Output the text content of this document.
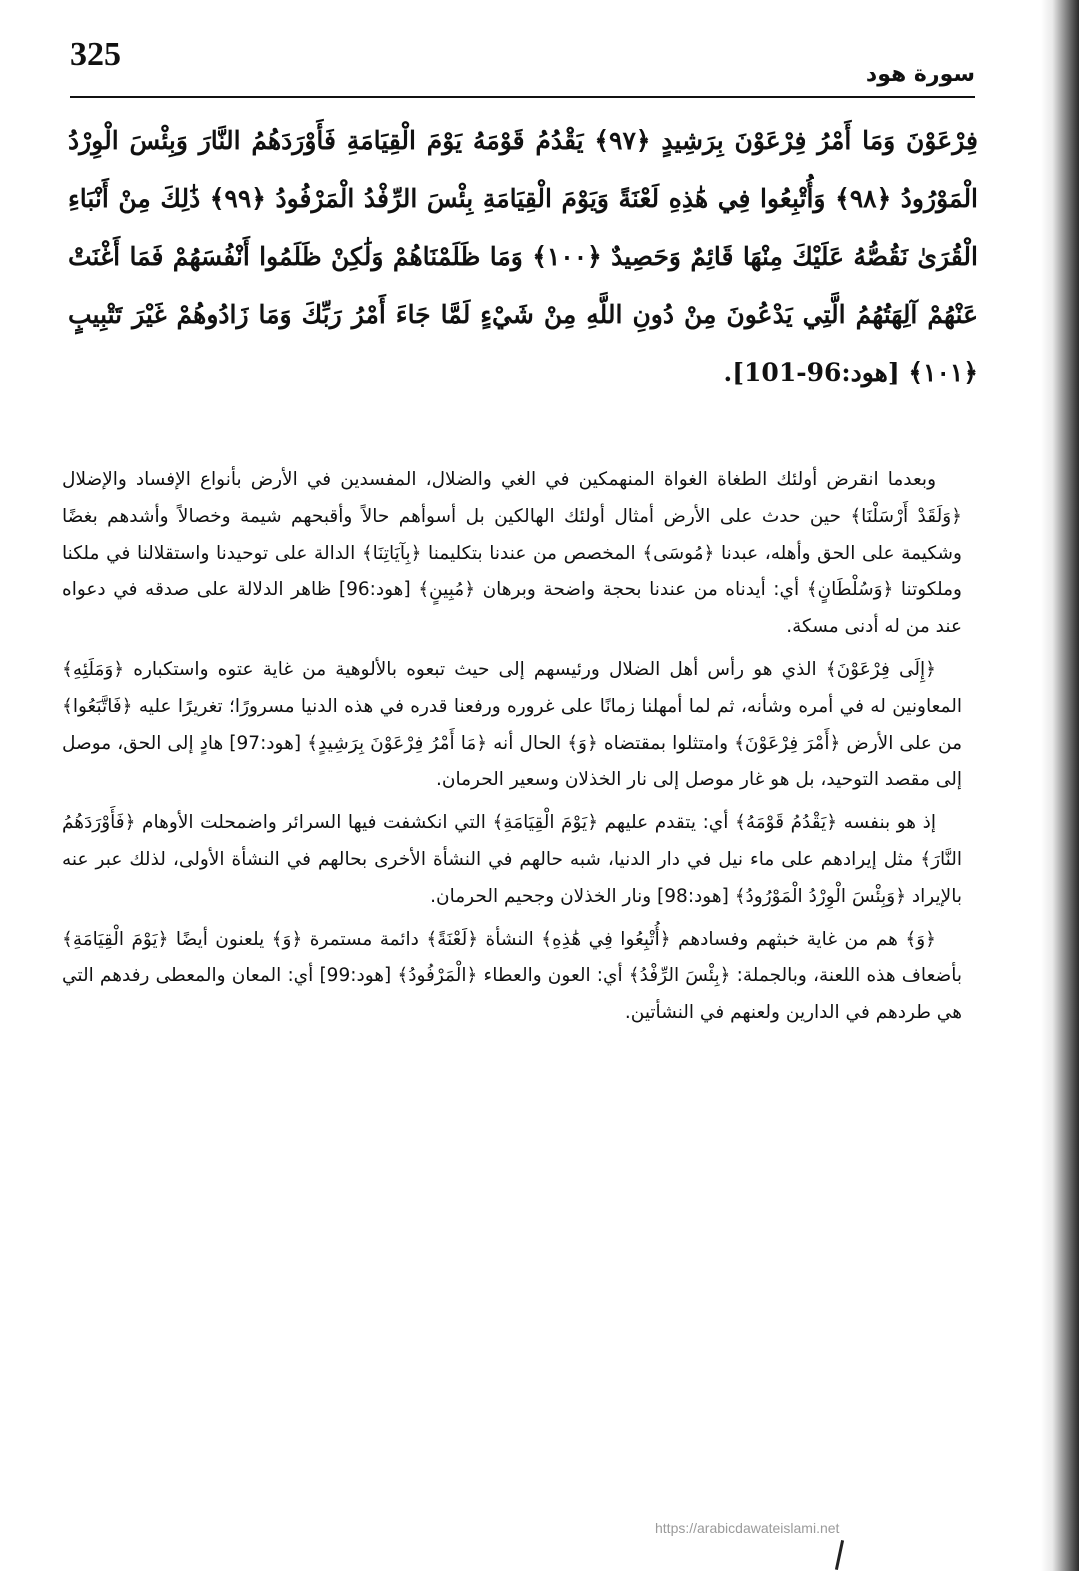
325
سورة هود
فِرْعَوْنَ وَمَا أَمْرُ فِرْعَوْنَ بِرَشِيدٍ ﴿٩٧﴾ يَقْدُمُ قَوْمَهُ يَوْمَ الْقِيَامَةِ فَأَوْرَدَهُمُ النَّارَ وَبِئْسَ الْوِرْدُ الْمَوْرُودُ ﴿٩٨﴾ وَأُتْبِعُوا فِي هَٰذِهِ لَعْنَةً وَيَوْمَ الْقِيَامَةِ بِئْسَ الرِّفْدُ الْمَرْفُودُ ﴿٩٩﴾ ذَٰلِكَ مِنْ أَنْبَاءِ الْقُرَىٰ نَقُصُّهُ عَلَيْكَ مِنْهَا قَائِمٌ وَحَصِيدٌ ﴿١٠٠﴾ وَمَا ظَلَمْنَاهُمْ وَلَٰكِنْ ظَلَمُوا أَنْفُسَهُمْ فَمَا أَغْنَتْ عَنْهُمْ آلِهَتُهُمُ الَّتِي يَدْعُونَ مِنْ دُونِ اللَّهِ مِنْ شَيْءٍ لَمَّا جَاءَ أَمْرُ رَبِّكَ وَمَا زَادُوهُمْ غَيْرَ تَتْبِيبٍ ﴿١٠١﴾ [هود:96-101].

وبعدما انقرض أولئك الطغاة الغواة المنهمكين في الغي والضلال، المفسدين في الأرض بأنواع الإفساد والإضلال ﴿وَلَقَدْ أَرْسَلْنَا﴾ حين حدث على الأرض أمثال أولئك الهالكين بل أسوأهم حالاً وأقبحهم شيمة وخصالاً وأشدهم بغضًا وشكيمة على الحق وأهله، عبدنا ﴿مُوسَى﴾ المخصص من عندنا بتكليمنا ﴿بِآيَاتِنَا﴾ الدالة على توحيدنا واستقلالنا في ملكنا وملكوتنا ﴿وَسُلْطَانٍ﴾ أي: أيدناه من عندنا بحجة واضحة وبرهان ﴿مُبِينٍ﴾ [هود:96] ظاهر الدلالة على صدقه في دعواه عند من له أدنى مسكة.

﴿إِلَى فِرْعَوْنَ﴾ الذي هو رأس أهل الضلال ورئيسهم إلى حيث تبعوه بالألوهية من غاية عتوه واستكباره ﴿وَمَلَئِهِ﴾ المعاونين له في أمره وشأنه، ثم لما أمهلنا زمانًا على غروره ورفعنا قدره في هذه الدنيا مسرورًا؛ تغريرًا عليه ﴿فَاتَّبَعُوا﴾ من على الأرض ﴿أَمْرَ فِرْعَوْنَ﴾ وامتثلوا بمقتضاه ﴿وَ﴾ الحال أنه ﴿مَا أَمْرُ فِرْعَوْنَ بِرَشِيدٍ﴾ [هود:97] هادٍ إلى الحق، موصل إلى مقصد التوحيد، بل هو غار موصل إلى نار الخذلان وسعير الحرمان.

إذ هو بنفسه ﴿يَقْدُمُ قَوْمَهُ﴾ أي: يتقدم عليهم ﴿يَوْمَ الْقِيَامَةِ﴾ التي انكشفت فيها السرائر واضمحلت الأوهام ﴿فَأَوْرَدَهُمُ النَّارَ﴾ مثل إيرادهم على ماء نيل في دار الدنيا، شبه حالهم في النشأة الأخرى بحالهم في النشأة الأولى، لذلك عبر عنه بالإيراد ﴿وَبِئْسَ الْوِرْدُ الْمَوْرُودُ﴾ [هود:98] ونار الخذلان وجحيم الحرمان.

﴿وَ﴾ هم من غاية خبثهم وفسادهم ﴿أُتْبِعُوا فِي هَٰذِهِ﴾ النشأة ﴿لَعْنَةً﴾ دائمة مستمرة ﴿وَ﴾ يلعنون أيضًا ﴿يَوْمَ الْقِيَامَةِ﴾ بأضعاف هذه اللعنة، وبالجملة: ﴿بِئْسَ الرِّفْدُ﴾ أي: العون والعطاء ﴿الْمَرْفُودُ﴾ [هود:99] أي: المعان والمعطى رفدهم التي هي طردهم في الدارين ولعنهم في النشأتين.

https://arabicdawateislami.net
